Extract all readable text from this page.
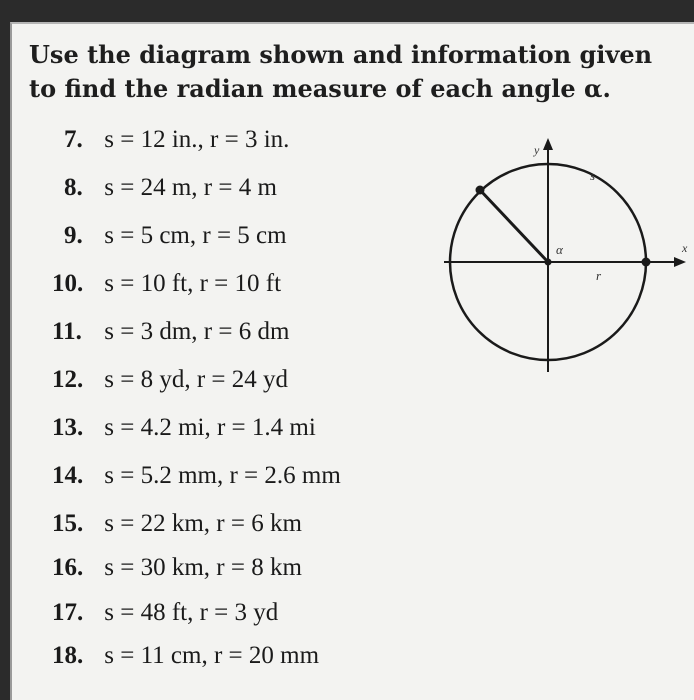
Use the diagram shown and information given to find the radian measure of each angle α.

7. s = 12 in., r = 3 in.
8. s = 24 m, r = 4 m
9. s = 5 cm, r = 5 cm
10. s = 10 ft, r = 10 ft
11. s = 3 dm, r = 6 dm
12. s = 8 yd, r = 24 yd
13. s = 4.2 mi, r = 1.4 mi
14. s = 5.2 mm, r = 2.6 mm
15. s = 22 km, r = 6 km
16. s = 30 km, r = 8 km
17. s = 48 ft, r = 3 yd
18. s = 11 cm, r = 20 mm
y
x
s
α
r
